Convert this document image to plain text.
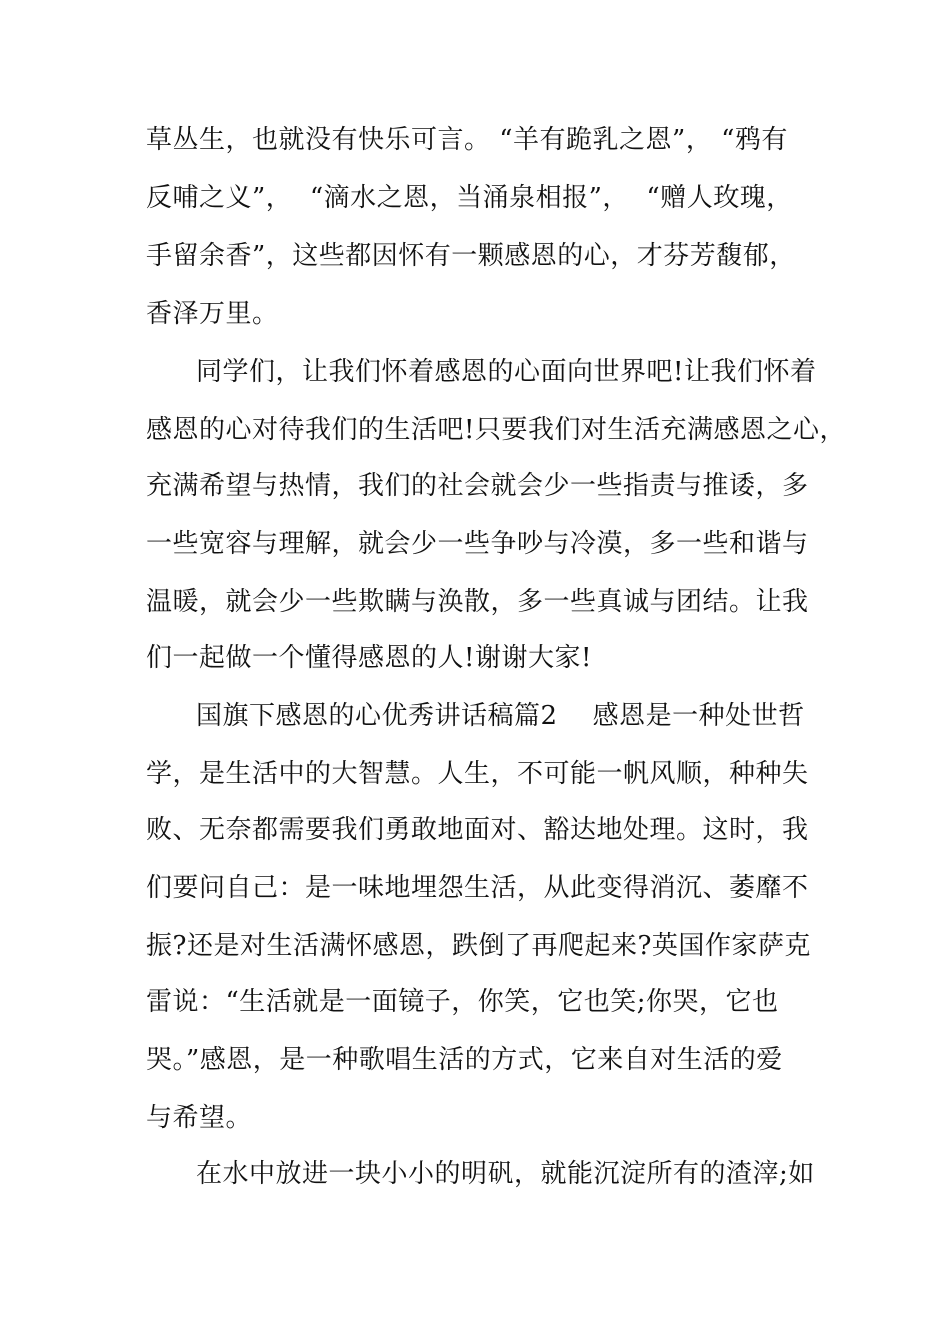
草丛生，也就没有快乐可言。 “羊有跪乳之恩”， “鸦有
反哺之义”，  “滴水之恩，当涌泉相报”，  “赠人玫瑰，
手留余香”，这些都因怀有一颗感恩的心，才芬芳馥郁，
香泽万里。
同学们，让我们怀着感恩的心面向世界吧!让我们怀着
感恩的心对待我们的生活吧!只要我们对生活充满感恩之心，
充满希望与热情，我们的社会就会少一些指责与推诿，多
一些宽容与理解，就会少一些争吵与冷漠，多一些和谐与
温暖，就会少一些欺瞒与涣散，多一些真诚与团结。让我
们一起做一个懂得感恩的人!谢谢大家!
国旗下感恩的心优秀讲话稿篇2    感恩是一种处世哲
学，是生活中的大智慧。人生，不可能一帆风顺，种种失
败、无奈都需要我们勇敢地面对、豁达地处理。这时，我
们要问自己：是一味地埋怨生活，从此变得消沉、萎靡不
振?还是对生活满怀感恩，跌倒了再爬起来?英国作家萨克
雷说：“生活就是一面镜子，你笑，它也笑;你哭，它也
哭。”感恩，是一种歌唱生活的方式，它来自对生活的爱
与希望。
在水中放进一块小小的明矾，就能沉淀所有的渣滓;如
